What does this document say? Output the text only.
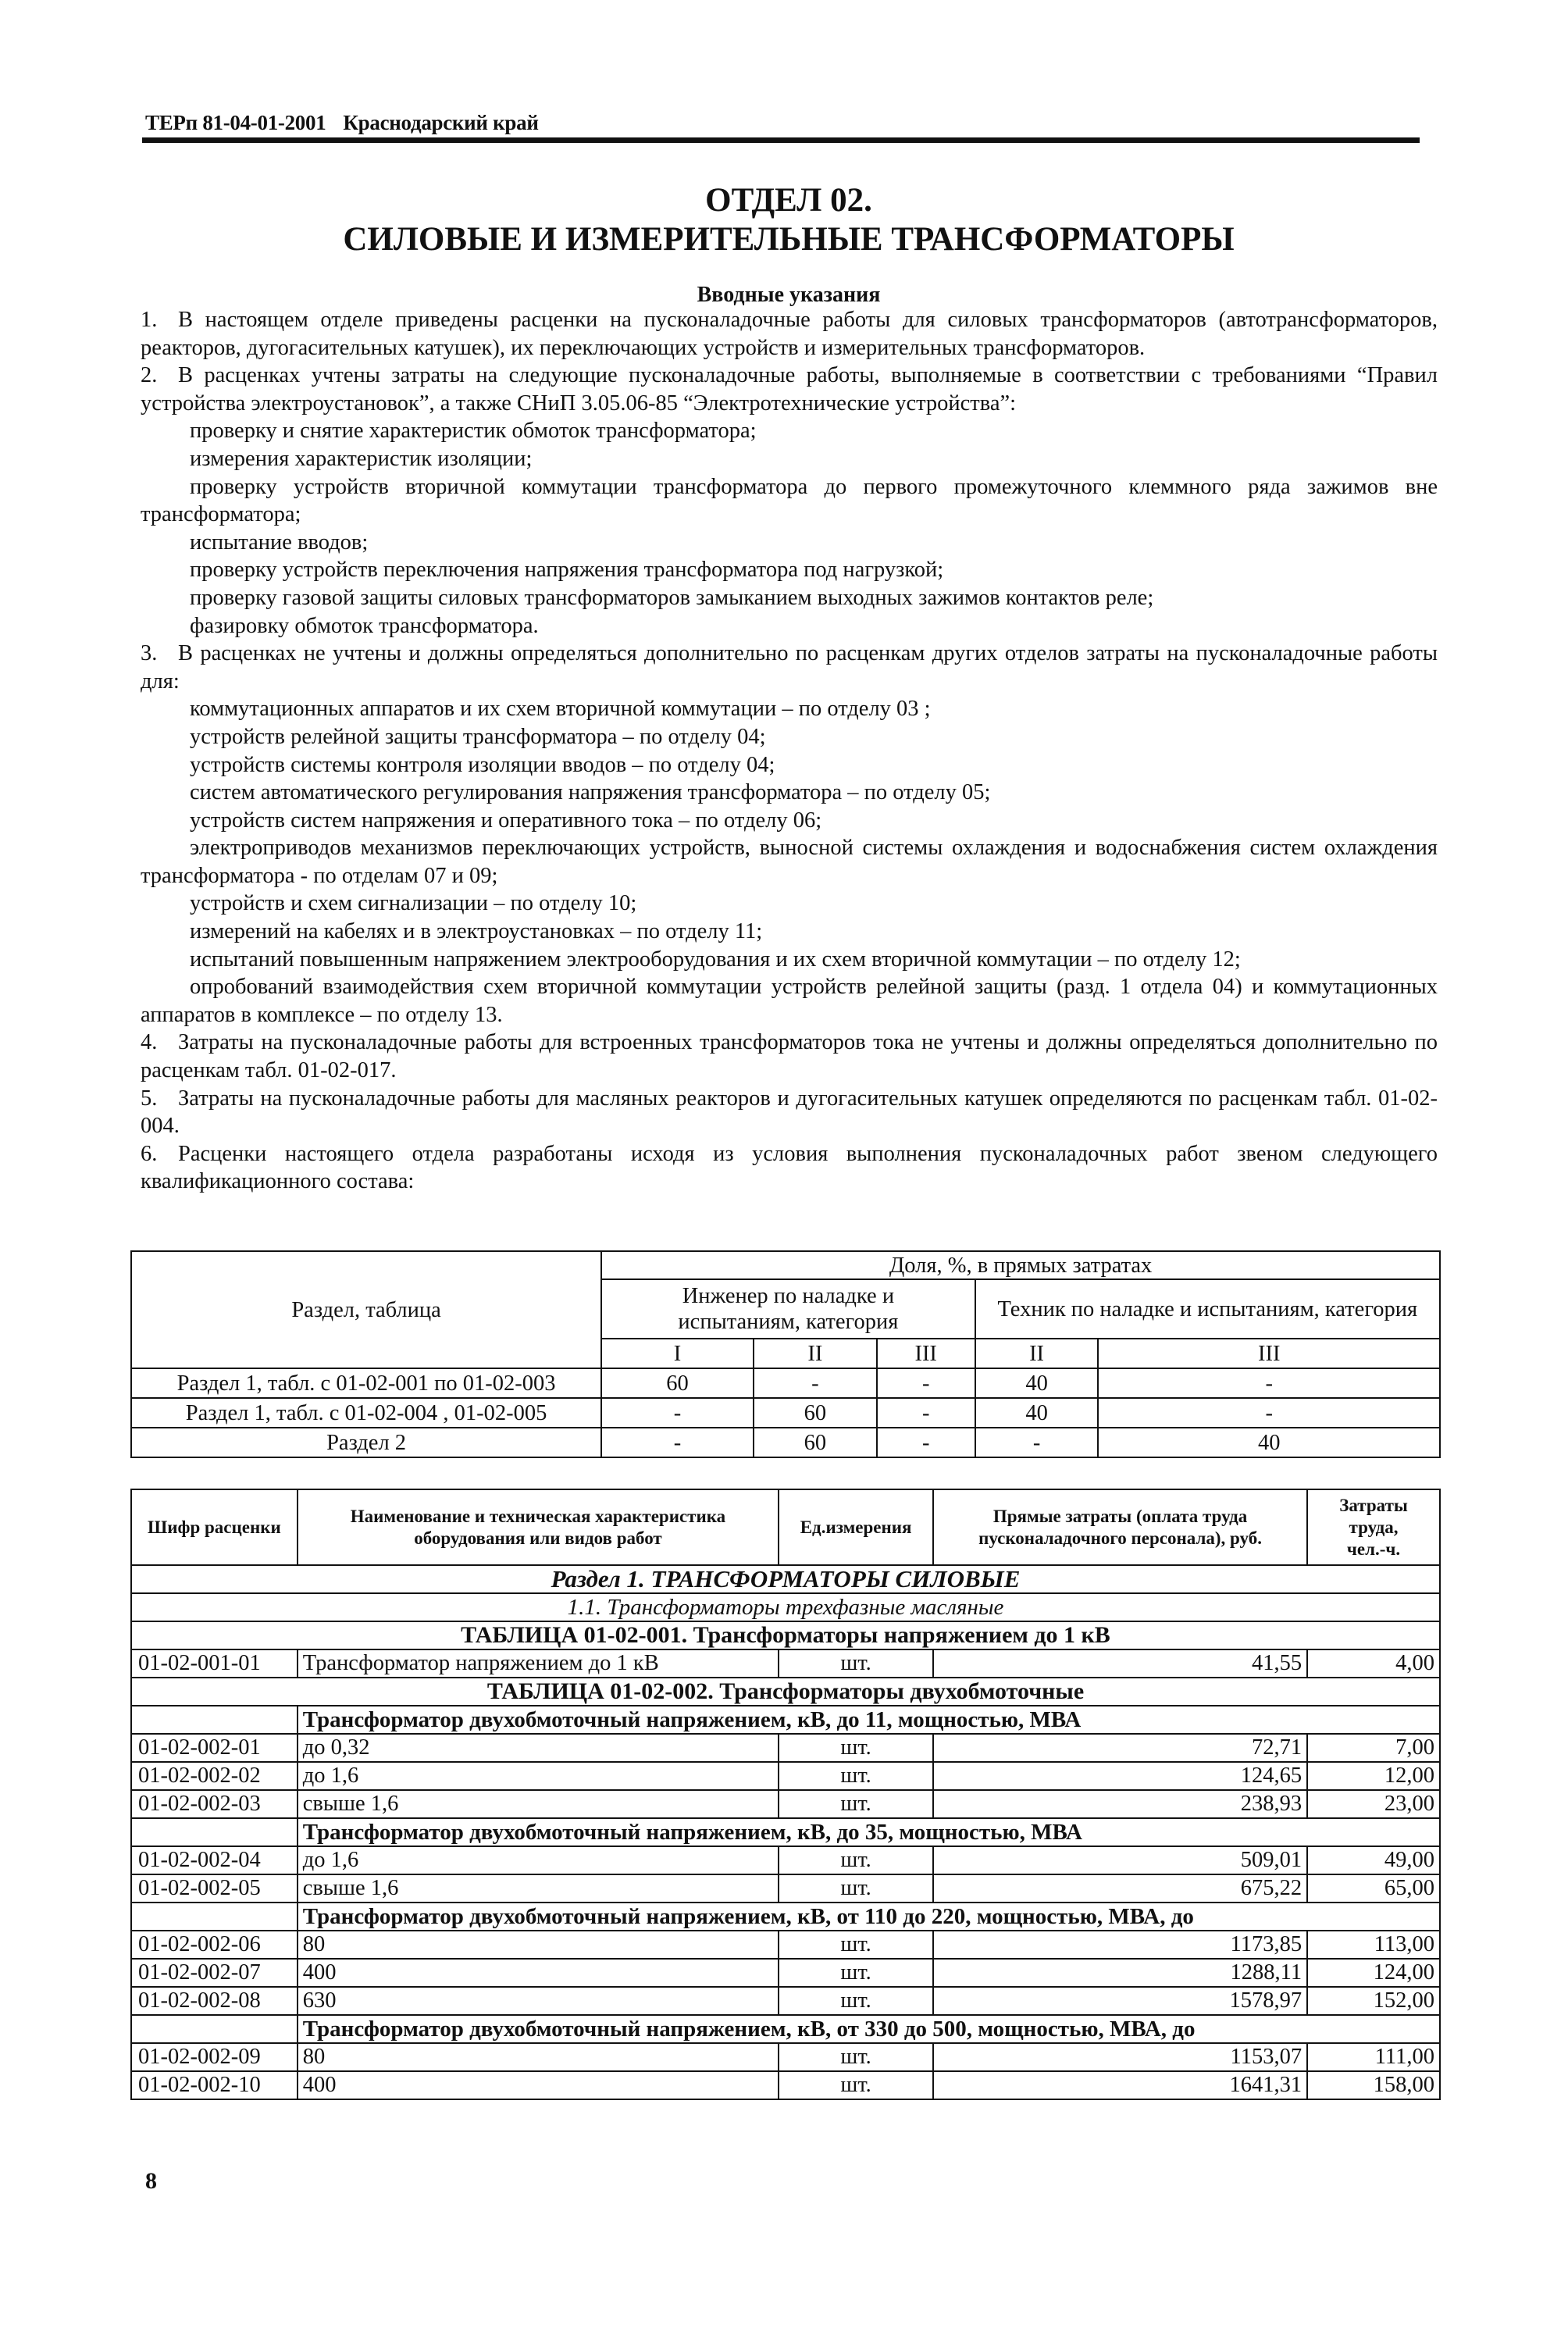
ТЕРп 81-04-01-2001 Краснодарский край
ОТДЕЛ 02.
СИЛОВЫЕ И ИЗМЕРИТЕЛЬНЫЕ ТРАНСФОРМАТОРЫ
Вводные указания

1. В настоящем отделе приведены расценки на пусконаладочные работы для силовых трансформаторов (автотрансформаторов, реакторов, дугогасительных катушек), их переключающих устройств и измерительных трансформаторов.

2. В расценках учтены затраты на следующие пусконаладочные работы, выполняемые в соответствии с требованиями “Правил устройства электроустановок”, а также СНиП 3.05.06-85 “Электротехнические устройства”:

проверку и снятие характеристик обмоток трансформатора;

измерения характеристик изоляции;

проверку устройств вторичной коммутации трансформатора до первого промежуточного клеммного ряда зажимов вне трансформатора;

испытание вводов;

проверку устройств переключения напряжения трансформатора под нагрузкой;

проверку газовой защиты силовых трансформаторов замыканием выходных зажимов контактов реле;

фазировку обмоток трансформатора.

3. В расценках не учтены и должны определяться дополнительно по расценкам других отделов затраты на пусконаладочные работы для:

коммутационных аппаратов и их схем вторичной коммутации – по отделу 03 ;

устройств релейной защиты трансформатора – по отделу 04;

устройств системы контроля изоляции вводов – по отделу 04;

систем автоматического регулирования напряжения трансформатора – по отделу 05;

устройств систем напряжения и оперативного тока – по отделу 06;

электроприводов механизмов переключающих устройств, выносной системы охлаждения и водоснабжения систем охлаждения трансформатора - по отделам 07 и 09;

устройств и схем сигнализации – по отделу 10;

измерений на кабелях и в электроустановках – по отделу 11;

испытаний повышенным напряжением электрооборудования и их схем вторичной коммутации – по отделу 12;

опробований взаимодействия схем вторичной коммутации устройств релейной защиты (разд. 1 отдела 04) и коммутационных аппаратов в комплексе – по отделу 13.

4. Затраты на пусконаладочные работы для встроенных трансформаторов тока не учтены и должны определяться дополнительно по расценкам табл. 01-02-017.

5. Затраты на пусконаладочные работы для масляных реакторов и дугогасительных катушек определяются по расценкам табл. 01-02-004.

6. Расценки настоящего отдела разработаны исходя из условия выполнения пусконаладочных работ звеном следующего квалификационного состава:

Раздел, таблица	Доля, %, в прямых затратах				
	Инженер по наладке и испытаниям, категория			Техник по наладке и испытаниям, категория	
	I	II	III	II	III
Раздел 1, табл. с 01-02-001 по 01-02-003	60	-	-	40	-
Раздел 1, табл. с 01-02-004 , 01-02-005	-	60	-	40	-
Раздел 2	-	60	-	-	40
Шифр расценки	Наименование и техническая характеристика оборудования или видов работ	Ед.измерения	Прямые затраты (оплата труда пусконаладочного персонала), руб.	Затраты труда, чел.-ч.
Раздел 1. ТРАНСФОРМАТОРЫ СИЛОВЫЕ				
1.1. Трансформаторы трехфазные масляные				
ТАБЛИЦА 01-02-001. Трансформаторы напряжением до 1 кВ				
01-02-001-01	Трансформатор напряжением до 1 кВ	шт.	41,55	4,00
ТАБЛИЦА 01-02-002. Трансформаторы двухобмоточные				
	Трансформатор двухобмоточный напряжением, кВ, до 11, мощностью, МВА			
01-02-002-01	до 0,32	шт.	72,71	7,00
01-02-002-02	до 1,6	шт.	124,65	12,00
01-02-002-03	свыше 1,6	шт.	238,93	23,00
	Трансформатор двухобмоточный напряжением, кВ, до 35, мощностью, МВА			
01-02-002-04	до 1,6	шт.	509,01	49,00
01-02-002-05	свыше 1,6	шт.	675,22	65,00
	Трансформатор двухобмоточный напряжением, кВ, от 110 до 220, мощностью, МВА, до			
01-02-002-06	80	шт.	1173,85	113,00
01-02-002-07	400	шт.	1288,11	124,00
01-02-002-08	630	шт.	1578,97	152,00
	Трансформатор двухобмоточный напряжением, кВ, от 330 до 500, мощностью, МВА, до			
01-02-002-09	80	шт.	1153,07	111,00
01-02-002-10	400	шт.	1641,31	158,00
8
